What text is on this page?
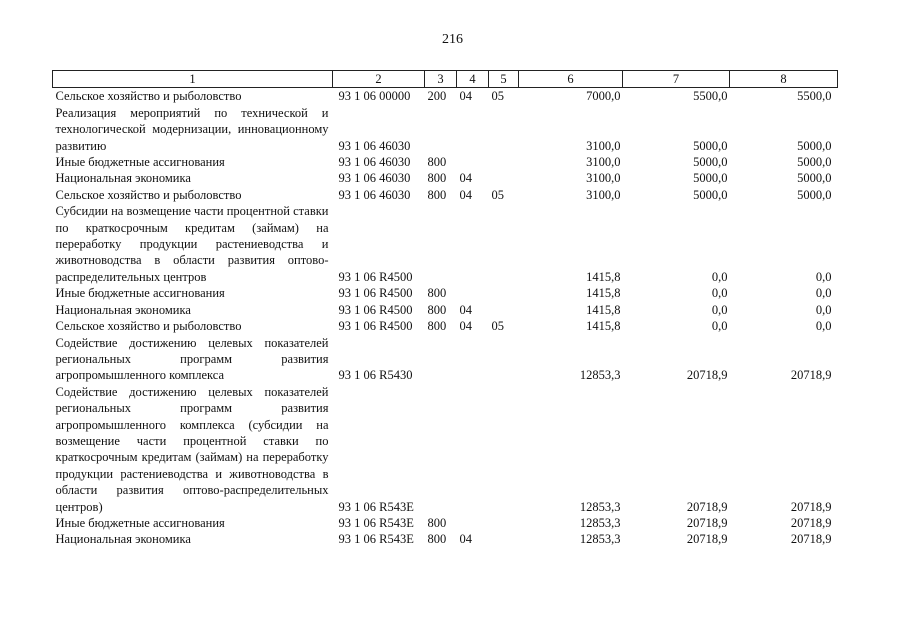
216
1	2	3	4	5	6	7	8
Сельское хозяйство и рыболовство	93 1 06 00000	200	04	05	7000,0	5500,0	5500,0
Реализация мероприятий по технической и технологической модернизации, инновационному развитию	93 1 06 46030				3100,0	5000,0	5000,0
Иные бюджетные ассигнования	93 1 06 46030	800			3100,0	5000,0	5000,0
Национальная экономика	93 1 06 46030	800	04		3100,0	5000,0	5000,0
Сельское хозяйство и рыболовство	93 1 06 46030	800	04	05	3100,0	5000,0	5000,0
Субсидии на возмещение части процентной ставки по краткосрочным кредитам (займам) на переработку продукции растениеводства и животноводства в области развития оптово-распределительных центров	93 1 06 R4500				1415,8	0,0	0,0
Иные бюджетные ассигнования	93 1 06 R4500	800			1415,8	0,0	0,0
Национальная экономика	93 1 06 R4500	800	04		1415,8	0,0	0,0
Сельское хозяйство и рыболовство	93 1 06 R4500	800	04	05	1415,8	0,0	0,0
Содействие достижению целевых показателей региональных программ развития агропромышленного комплекса	93 1 06 R5430				12853,3	20718,9	20718,9
Содействие достижению целевых показателей региональных программ развития агропромышленного комплекса (субсидии на возмещение части процентной ставки по краткосрочным кредитам (займам) на переработку продукции растениеводства и животноводства в области развития оптово-распределительных центров)	93 1 06 R543E				12853,3	20718,9	20718,9
Иные бюджетные ассигнования	93 1 06 R543E	800			12853,3	20718,9	20718,9
Национальная экономика	93 1 06 R543E	800	04		12853,3	20718,9	20718,9
